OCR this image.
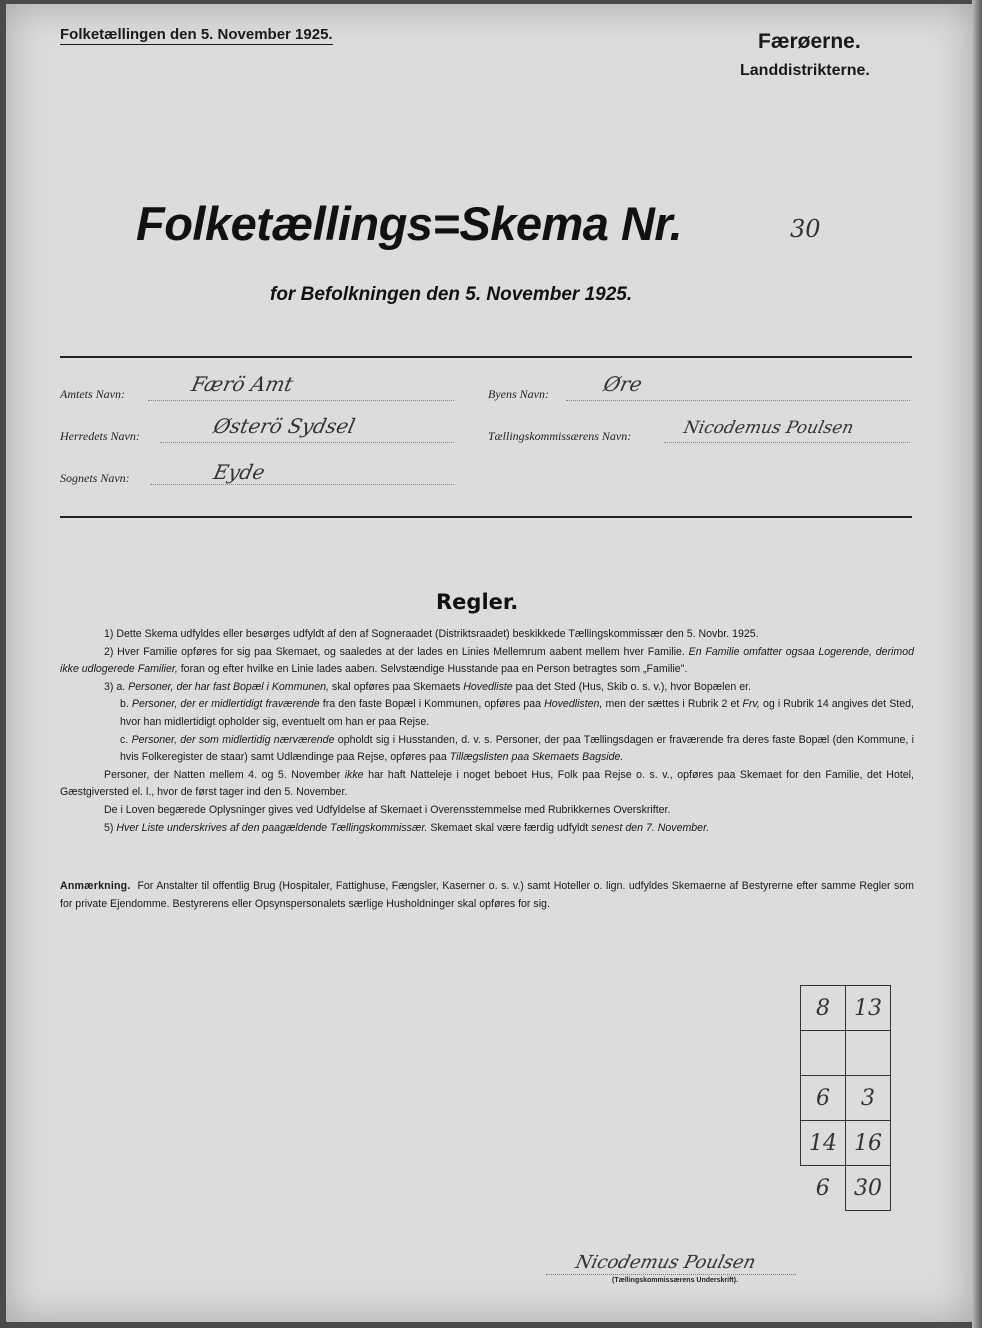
Folketællingen den 5. November 1925.	Færøerne.
Landdistrikterne.
Folketællings=Skema Nr.	30
for Befolkningen den 5. November 1925.
Amtets Navn:	Færö Amt	Byens Navn:	Øre
Herredets Navn:	Østerö Sydsel	Tællingskommissærens Navn:	Nicodemus Poulsen
Sognets Navn:	Eyde
Regler.

1) Dette Skema udfyldes eller besørges udfyldt af den af Sogneraadet (Distriktsraadet) beskikkede Tællingskommissær den 5. Novbr. 1925.

2) Hver Familie opføres for sig paa Skemaet, og saaledes at der lades en Linies Mellemrum aabent mellem hver Familie. En Familie omfatter ogsaa Logerende, derimod ikke udlogerede Familier, foran og efter hvilke en Linie lades aaben. Selvstændige Husstande paa en Person betragtes som „Familie".

3) a. Personer, der har fast Bopæl i Kommunen, skal opføres paa Skemaets Hovedliste paa det Sted (Hus, Skib o. s. v.), hvor Bopælen er.

b. Personer, der er midlertidigt fraværende fra den faste Bopæl i Kommunen, opføres paa Hovedlisten, men der sættes i Rubrik 2 et Frv, og i Rubrik 14 angives det Sted, hvor han midlertidigt opholder sig, eventuelt om han er paa Rejse.

c. Personer, der som midlertidig nærværende opholdt sig i Husstanden, d. v. s. Personer, der paa Tællingsdagen er fraværende fra deres faste Bopæl (den Kommune, i hvis Folkeregister de staar) samt Udlændinge paa Rejse, opføres paa Tillægslisten paa Skemaets Bagside.

Personer, der Natten mellem 4. og 5. November ikke har haft Natteleje i noget beboet Hus, Folk paa Rejse o. s. v., opføres paa Skemaet for den Familie, det Hotel, Gæstgiversted el. l., hvor de først tager ind den 5. November.

De i Loven begærede Oplysninger gives ved Udfyldelse af Skemaet i Overensstemmelse med Rubrikkernes Overskrifter.

5) Hver Liste underskrives af den paagældende Tællingskommissær. Skemaet skal være færdig udfyldt senest den 7. November.

Anmærkning. For Anstalter til offentlig Brug (Hospitaler, Fattighuse, Fængsler, Kaserner o. s. v.) samt Hoteller o. lign. udfyldes Skemaerne af Bestyrerne efter samme Regler som for private Ejendomme. Bestyrerens eller Opsynspersonalets særlige Husholdninger skal opføres for sig.
8	13

6	3
14	16
6	30
Nicodemus Poulsen
(Tællingskommissærens Underskrift).
